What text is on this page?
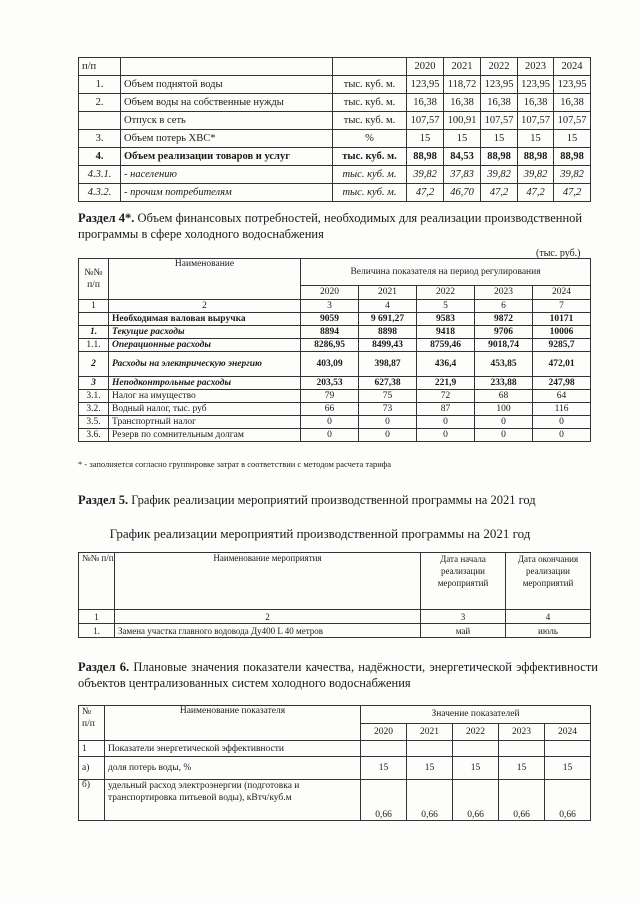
п/п			2020	2021	2022	2023	2024
1.	Объем поднятой воды	тыс. куб. м.	123,95	118,72	123,95	123,95	123,95
2.	Объем воды на собственные нужды	тыс. куб. м.	16,38	16,38	16,38	16,38	16,38
	Отпуск в сеть	тыс. куб. м.	107,57	100,91	107,57	107,57	107,57
3.	Объем потерь ХВС*	%	15	15	15	15	15
4.	Объем реализации товаров и услуг	тыс. куб. м.	88,98	84,53	88,98	88,98	88,98
4.3.1.	- населению	тыс. куб. м.	39,82	37,83	39,82	39,82	39,82
4.3.2.	- прочим потребителям	тыс. куб. м.	47,2	46,70	47,2	47,2	47,2
Раздел 4*. Объем финансовых потребностей, необходимых для реализации производственной программы в сфере холодного водоснабжения
(тыс. руб.)
№№ п/п	Наименование	Величина показателя на период регулирования				
		2020	2021	2022	2023	2024
1	2	3	4	5	6	7
	Необходимая валовая выручка	9059	9 691,27	9583	9872	10171
1.	Текущие расходы	8894	8898	9418	9706	10006
1.1.	Операционные расходы	8286,95	8499,43	8759,46	9018,74	9285,7
2	Расходы на электрическую энергию	403,09	398,87	436,4	453,85	472,01
3	Неподконтрольные расходы	203,53	627,38	221,9	233,88	247,98
3.1.	Налог на имущество	79	75	72	68	64
3.2.	Водный налог, тыс. руб	66	73	87	100	116
3.5.	Транспортный налог	0	0	0	0	0
3.6.	Резерв по сомнительным долгам	0	0	0	0	0
* - заполняется согласно группировке затрат в соответствии с методом расчета тарифа
Раздел 5. График реализации мероприятий производственной программы на 2021 год
График реализации мероприятий производственной программы на 2021 год
№№ п/п	Наименование мероприятия	Дата начала реализации мероприятий	Дата окончания реализации мероприятий
1	2	3	4
1.	Замена участка главного водовода Ду400 L 40 метров	май	июль
Раздел 6. Плановые значения показатели качества, надёжности, энергетической эффективности объектов централизованных систем холодного водоснабжения
№ п/п	Наименование показателя	Значение показателей				
		2020	2021	2022	2023	2024
1	Показатели энергетической эффективности					
а)	доля потерь воды, %	15	15	15	15	15
б)	удельный расход электроэнергии (подготовка и транспортировка питьевой воды), кВтч/куб.м	0,66	0,66	0,66	0,66	0,66
